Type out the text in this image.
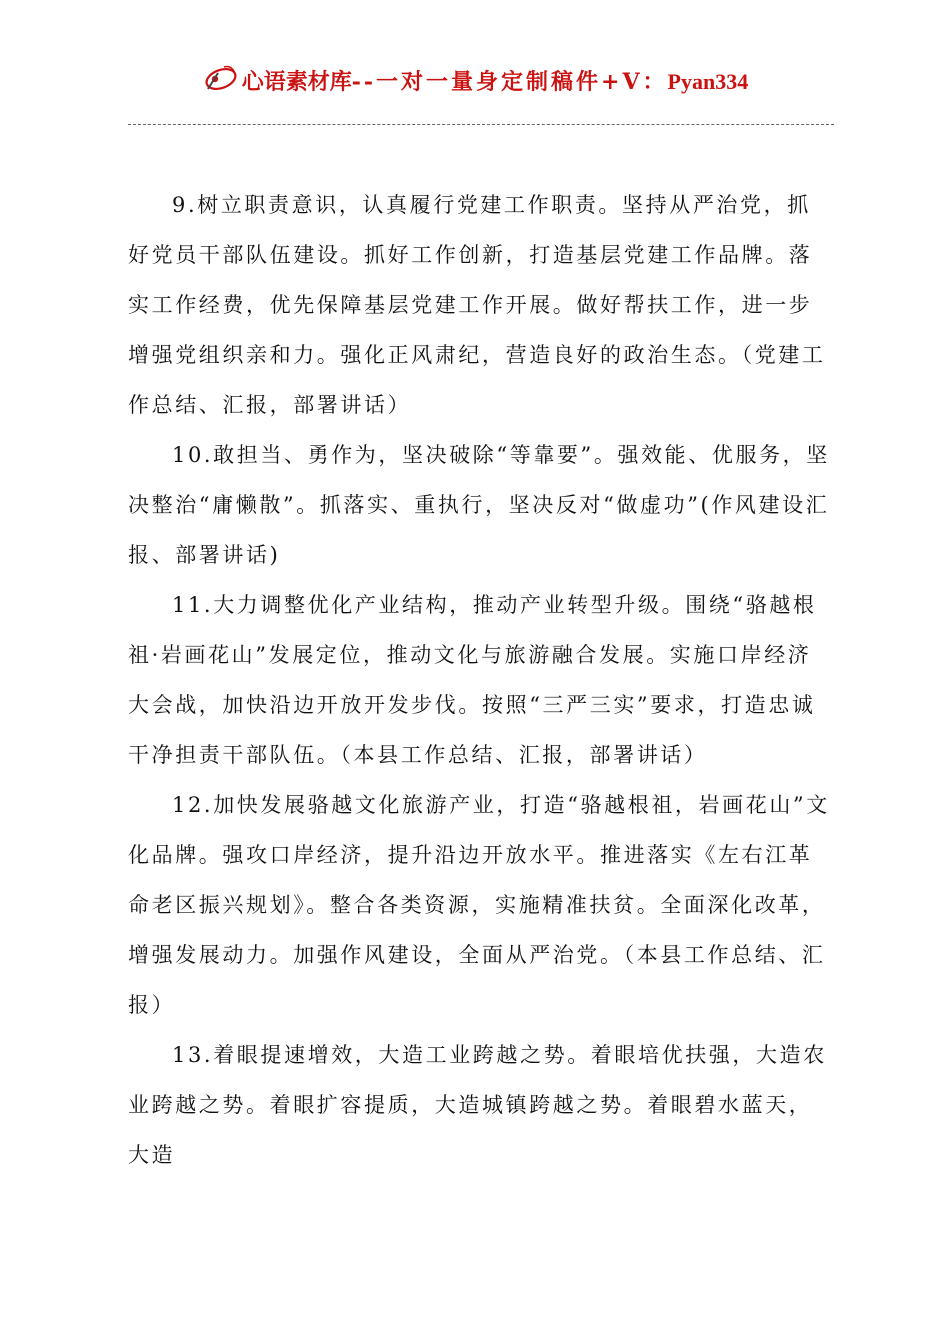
心语素材库--一对一量身定制稿件+V：Pyan334

9.树立职责意识，认真履行党建工作职责。坚持从严治党，抓好党员干部队伍建设。抓好工作创新，打造基层党建工作品牌。落实工作经费，优先保障基层党建工作开展。做好帮扶工作，进一步增强党组织亲和力。强化正风肃纪，营造良好的政治生态。（党建工作总结、汇报，部署讲话）

10.敢担当、勇作为，坚决破除“等靠要”。强效能、优服务，坚决整治“庸懒散”。抓落实、重执行，坚决反对“做虚功”(作风建设汇报、部署讲话)

11.大力调整优化产业结构，推动产业转型升级。围绕“骆越根祖·岩画花山”发展定位，推动文化与旅游融合发展。实施口岸经济大会战，加快沿边开放开发步伐。按照“三严三实”要求，打造忠诚干净担责干部队伍。（本县工作总结、汇报，部署讲话）

12.加快发展骆越文化旅游产业，打造“骆越根祖，岩画花山”文化品牌。强攻口岸经济，提升沿边开放水平。推进落实《左右江革命老区振兴规划》。整合各类资源，实施精准扶贫。全面深化改革，增强发展动力。加强作风建设，全面从严治党。（本县工作总结、汇报）

13.着眼提速增效，大造工业跨越之势。着眼培优扶强，大造农业跨越之势。着眼扩容提质，大造城镇跨越之势。着眼碧水蓝天，大造
